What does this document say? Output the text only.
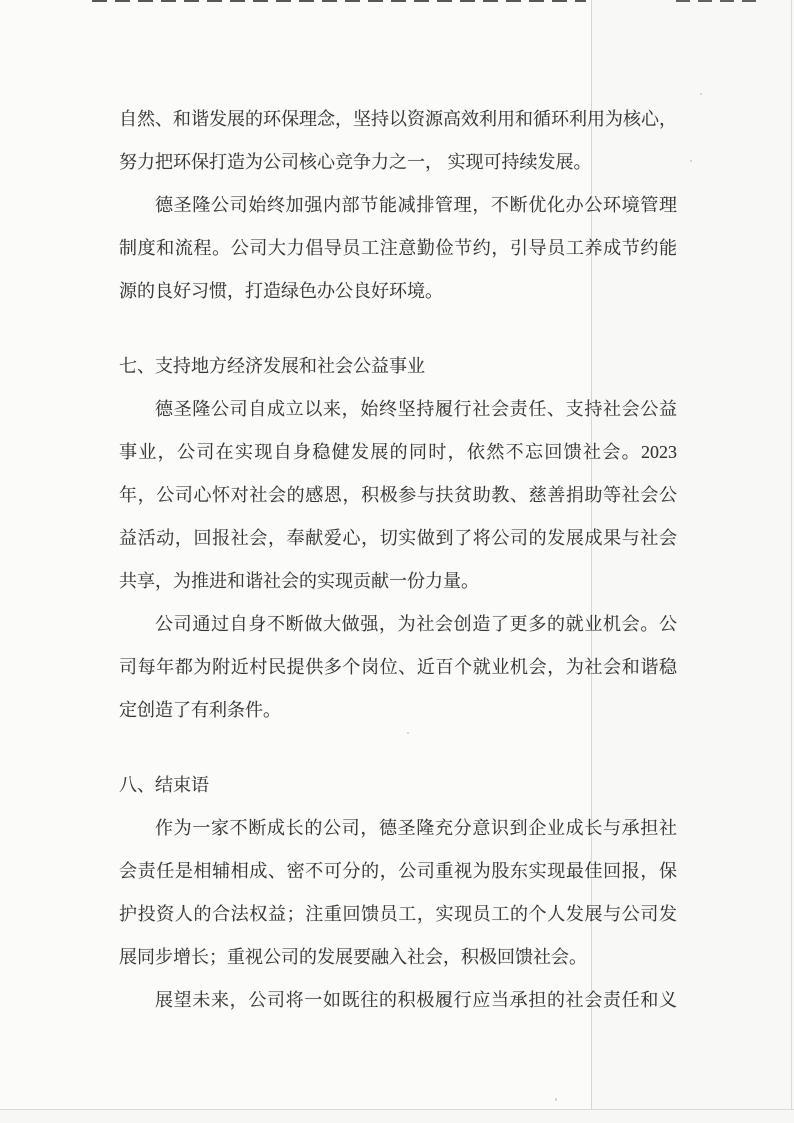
自然、和谐发展的环保理念，坚持以资源高效利用和循环利用为核心，
努力把环保打造为公司核心竞争力之一， 实现可持续发展。
德圣隆公司始终加强内部节能减排管理，不断优化办公环境管理
制度和流程。公司大力倡导员工注意勤俭节约，引导员工养成节约能
源的良好习惯，打造绿色办公良好环境。
七、支持地方经济发展和社会公益事业
德圣隆公司自成立以来，始终坚持履行社会责任、支持社会公益
事业，公司在实现自身稳健发展的同时，依然不忘回馈社会。2023
年，公司心怀对社会的感恩，积极参与扶贫助教、慈善捐助等社会公
益活动，回报社会，奉献爱心，切实做到了将公司的发展成果与社会
共享，为推进和谐社会的实现贡献一份力量。
公司通过自身不断做大做强，为社会创造了更多的就业机会。公
司每年都为附近村民提供多个岗位、近百个就业机会，为社会和谐稳
定创造了有利条件。
八、结束语
作为一家不断成长的公司，德圣隆充分意识到企业成长与承担社
会责任是相辅相成、密不可分的，公司重视为股东实现最佳回报，保
护投资人的合法权益；注重回馈员工，实现员工的个人发展与公司发
展同步增长；重视公司的发展要融入社会，积极回馈社会。
展望未来，公司将一如既往的积极履行应当承担的社会责任和义
